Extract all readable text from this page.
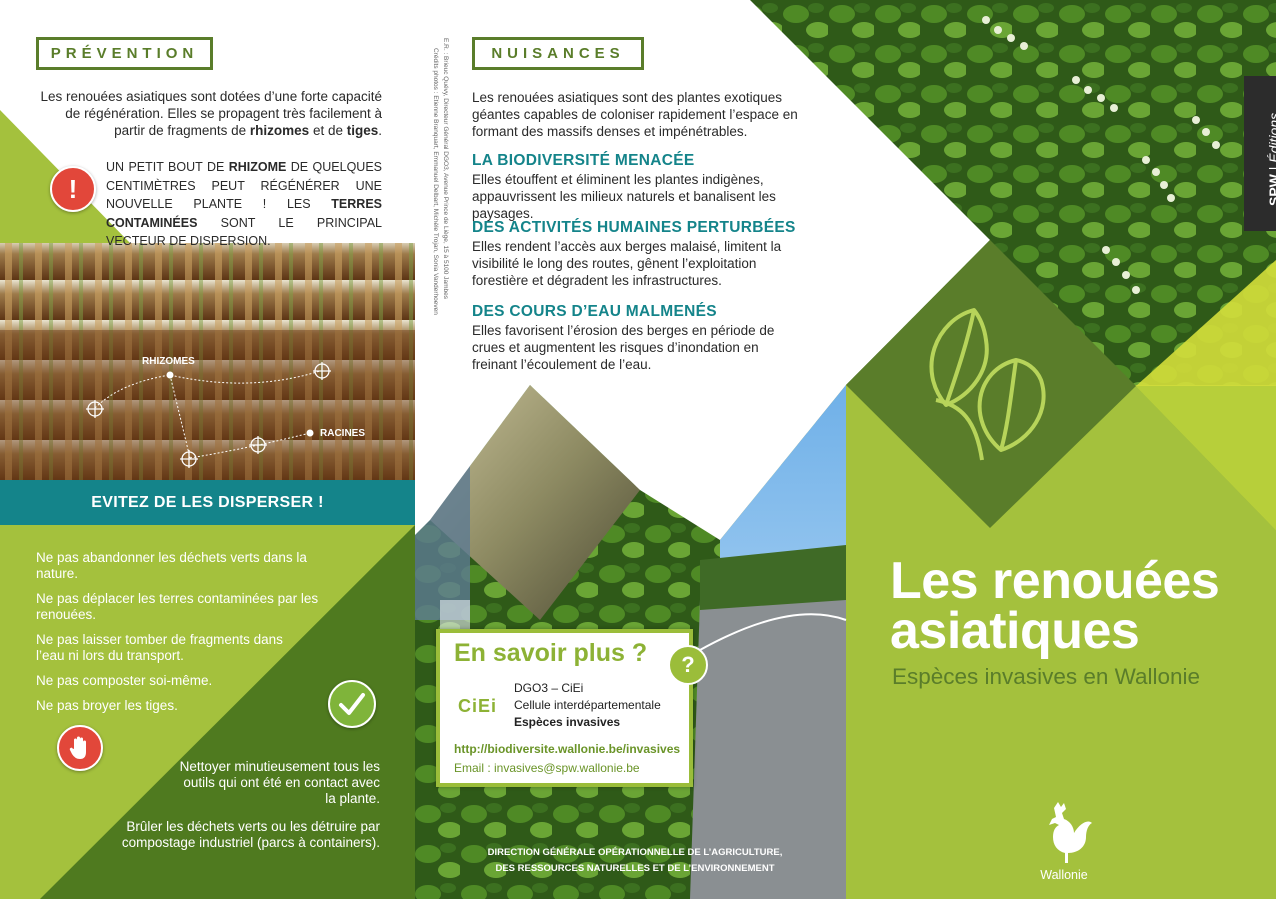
PRÉVENTION
Les renouées asiatiques sont dotées d’une forte capacité
de régénération. Elles se propagent très facilement à
partir de fragments de rhizomes et de tiges.
!
UN PETIT BOUT DE RHIZOME DE QUELQUES CENTIMÈTRES PEUT RÉGÉNÉRER UNE NOUVELLE PLANTE ! LES TERRES CONTAMINÉES SONT LE PRINCIPAL VECTEUR DE DISPERSION.
RHIZOMES
RACINES
EVITEZ DE LES DISPERSER !
Ne pas abandonner les déchets verts dans la nature.
Ne pas déplacer les terres contaminées par les renouées.
Ne pas laisser tomber de fragments dans l’eau ni lors du transport.
Ne pas composter soi-même.
Ne pas broyer les tiges.
Nettoyer minutieusement tous les outils qui ont été en contact avec la plante.
Brûler les déchets verts ou les détruire par compostage industriel (parcs à containers).
E.R. : Brieuc Quévy, Directeur Général DGO3, Avenue Prince de Liège, 15 à 5100 Jambes
Crédits photos : Etienne Branquart, Emmanuel Delbart, Michèle Trojan, Sonia Vanderhoeven	NUISANCES
Les renouées asiatiques sont des plantes exotiques géantes capables de coloniser rapidement l’espace en formant des massifs denses et impénétrables.
LA BIODIVERSITÉ MENACÉE
Elles étouffent et éliminent les plantes indigènes, appauvrissent les milieux naturels et banalisent les paysages.
DES ACTIVITÉS HUMAINES PERTURBÉES
Elles rendent l’accès aux berges malaisé, limitent la visibilité le long des routes, gênent l’exploitation forestière et dégradent les infrastructures.
DES COURS D’EAU MALMENÉS
Elles favorisent l’érosion des berges en période de crues et augmentent les risques d’inondation en freinant l’écoulement de l’eau.
En savoir plus ?	?
CiEi
DGO3 – CiEi
Cellule interdépartementale
Espèces invasives
http://biodiversite.wallonie.be/invasives
Email : invasives@spw.wallonie.be
DIRECTION GÉNÉRALE OPÉRATIONNELLE DE L’AGRICULTURE,
DES RESSOURCES NATURELLES ET DE L’ENVIRONNEMENT
SPW | Éditions
Les renouées
asiatiques
Espèces invasives en Wallonie
Wallonie
